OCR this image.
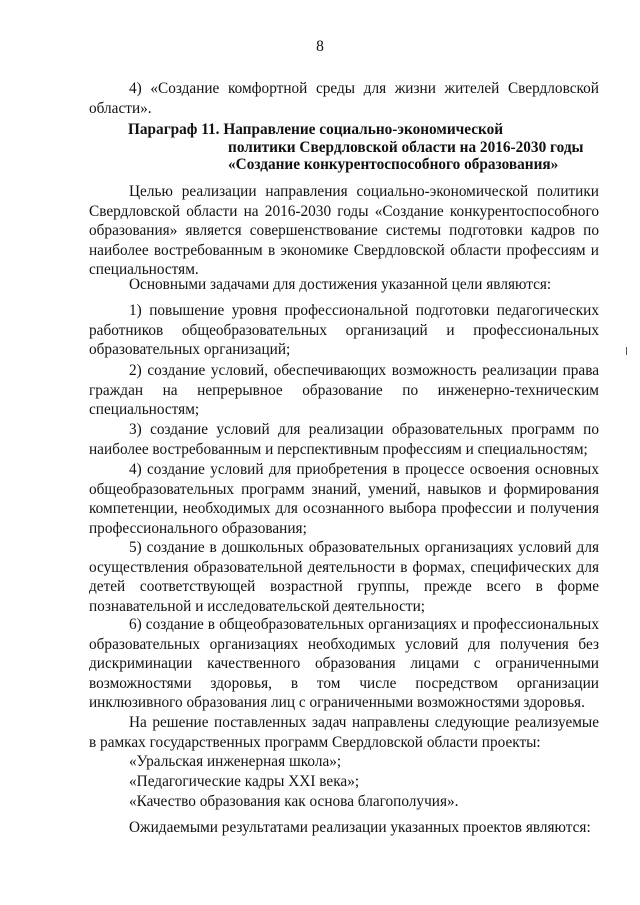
8

4) «Создание комфортной среды для жизни жителей Свердловской области».

Параграф 11. Направление социально-экономической
политики Свердловской области на 2016-2030 годы
«Создание конкурентоспособного образования»

Целью реализации направления социально-экономической политики Свердловской области на 2016-2030 годы «Создание конкурентоспособного образования» является совершенствование системы подготовки кадров по наиболее востребованным в экономике Свердловской области профессиям и специальностям.

Основными задачами для достижения указанной цели являются:

1) повышение уровня профессиональной подготовки педагогических работников общеобразовательных организаций и профессиональных образовательных организаций;

2) создание условий, обеспечивающих возможность реализации права граждан на непрерывное образование по инженерно-техническим специальностям;

3) создание условий для реализации образовательных программ по наиболее востребованным и перспективным профессиям и специальностям;

4) создание условий для приобретения в процессе освоения основных общеобразовательных программ знаний, умений, навыков и формирования компетенции, необходимых для осознанного выбора профессии и получения профессионального образования;

5) создание в дошкольных образовательных организациях условий для осуществления образовательной деятельности в формах, специфических для детей соответствующей возрастной группы, прежде всего в форме познавательной и исследовательской деятельности;

6) создание в общеобразовательных организациях и профессиональных образовательных организациях необходимых условий для получения без дискриминации качественного образования лицами с ограниченными возможностями здоровья, в том числе посредством организации инклюзивного образования лиц с ограниченными возможностями здоровья.

На решение поставленных задач направлены следующие реализуемые в рамках государственных программ Свердловской области проекты:

«Уральская инженерная школа»;

«Педагогические кадры XXI века»;

«Качество образования как основа благополучия».

Ожидаемыми результатами реализации указанных проектов являются:
